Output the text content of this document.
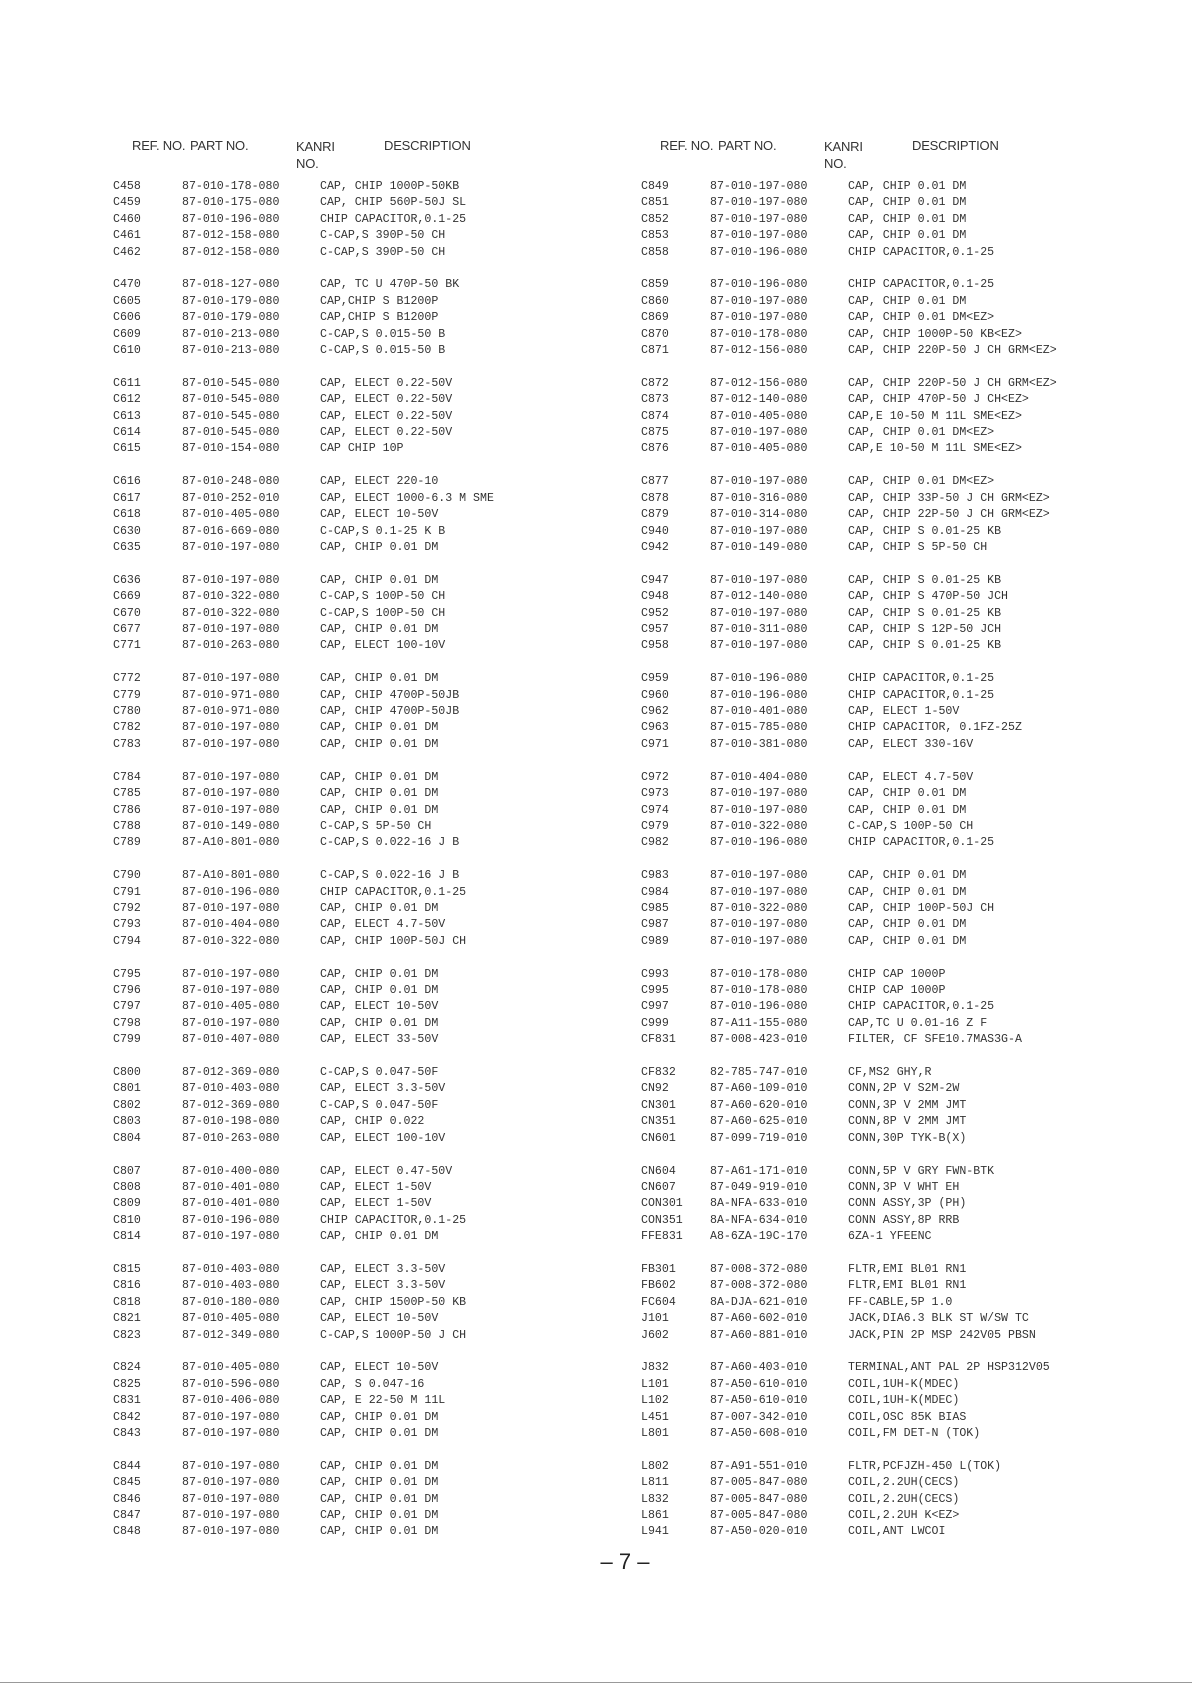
REF. NO. PART NO.	KANRI
NO.
DESCRIPTION
C458	87-010-178-080	CAP, CHIP 1000P-50KB
C459	87-010-175-080	CAP, CHIP 560P-50J SL
C460	87-010-196-080	CHIP CAPACITOR,0.1-25
C461	87-012-158-080	C-CAP,S 390P-50 CH
C462	87-012-158-080	C-CAP,S 390P-50 CH
C470	87-018-127-080	CAP, TC U 470P-50 BK
C605	87-010-179-080	CAP,CHIP S B1200P
C606	87-010-179-080	CAP,CHIP S B1200P
C609	87-010-213-080	C-CAP,S 0.015-50 B
C610	87-010-213-080	C-CAP,S 0.015-50 B
C611	87-010-545-080	CAP, ELECT 0.22-50V
C612	87-010-545-080	CAP, ELECT 0.22-50V
C613	87-010-545-080	CAP, ELECT 0.22-50V
C614	87-010-545-080	CAP, ELECT 0.22-50V
C615	87-010-154-080	CAP CHIP 10P
C616	87-010-248-080	CAP, ELECT 220-10
C617	87-010-252-010	CAP, ELECT 1000-6.3 M SME
C618	87-010-405-080	CAP, ELECT 10-50V
C630	87-016-669-080	C-CAP,S 0.1-25 K B
C635	87-010-197-080	CAP, CHIP 0.01 DM
C636	87-010-197-080	CAP, CHIP 0.01 DM
C669	87-010-322-080	C-CAP,S 100P-50 CH
C670	87-010-322-080	C-CAP,S 100P-50 CH
C677	87-010-197-080	CAP, CHIP 0.01 DM
C771	87-010-263-080	CAP, ELECT 100-10V
C772	87-010-197-080	CAP, CHIP 0.01 DM
C779	87-010-971-080	CAP, CHIP 4700P-50JB
C780	87-010-971-080	CAP, CHIP 4700P-50JB
C782	87-010-197-080	CAP, CHIP 0.01 DM
C783	87-010-197-080	CAP, CHIP 0.01 DM
C784	87-010-197-080	CAP, CHIP 0.01 DM
C785	87-010-197-080	CAP, CHIP 0.01 DM
C786	87-010-197-080	CAP, CHIP 0.01 DM
C788	87-010-149-080	C-CAP,S 5P-50 CH
C789	87-A10-801-080	C-CAP,S 0.022-16 J B
C790	87-A10-801-080	C-CAP,S 0.022-16 J B
C791	87-010-196-080	CHIP CAPACITOR,0.1-25
C792	87-010-197-080	CAP, CHIP 0.01 DM
C793	87-010-404-080	CAP, ELECT 4.7-50V
C794	87-010-322-080	CAP, CHIP 100P-50J CH
C795	87-010-197-080	CAP, CHIP 0.01 DM
C796	87-010-197-080	CAP, CHIP 0.01 DM
C797	87-010-405-080	CAP, ELECT 10-50V
C798	87-010-197-080	CAP, CHIP 0.01 DM
C799	87-010-407-080	CAP, ELECT 33-50V
C800	87-012-369-080	C-CAP,S 0.047-50F
C801	87-010-403-080	CAP, ELECT 3.3-50V
C802	87-012-369-080	C-CAP,S 0.047-50F
C803	87-010-198-080	CAP, CHIP 0.022
C804	87-010-263-080	CAP, ELECT 100-10V
C807	87-010-400-080	CAP, ELECT 0.47-50V
C808	87-010-401-080	CAP, ELECT 1-50V
C809	87-010-401-080	CAP, ELECT 1-50V
C810	87-010-196-080	CHIP CAPACITOR,0.1-25
C814	87-010-197-080	CAP, CHIP 0.01 DM
C815	87-010-403-080	CAP, ELECT 3.3-50V
C816	87-010-403-080	CAP, ELECT 3.3-50V
C818	87-010-180-080	CAP, CHIP 1500P-50 KB
C821	87-010-405-080	CAP, ELECT 10-50V
C823	87-012-349-080	C-CAP,S 1000P-50 J CH
C824	87-010-405-080	CAP, ELECT 10-50V
C825	87-010-596-080	CAP, S 0.047-16
C831	87-010-406-080	CAP, E 22-50 M 11L
C842	87-010-197-080	CAP, CHIP 0.01 DM
C843	87-010-197-080	CAP, CHIP 0.01 DM
C844	87-010-197-080	CAP, CHIP 0.01 DM
C845	87-010-197-080	CAP, CHIP 0.01 DM
C846	87-010-197-080	CAP, CHIP 0.01 DM
C847	87-010-197-080	CAP, CHIP 0.01 DM
C848	87-010-197-080	CAP, CHIP 0.01 DM
REF. NO. PART NO.	KANRI
NO.
DESCRIPTION
C849	87-010-197-080	CAP, CHIP 0.01 DM
C851	87-010-197-080	CAP, CHIP 0.01 DM
C852	87-010-197-080	CAP, CHIP 0.01 DM
C853	87-010-197-080	CAP, CHIP 0.01 DM
C858	87-010-196-080	CHIP CAPACITOR,0.1-25
C859	87-010-196-080	CHIP CAPACITOR,0.1-25
C860	87-010-197-080	CAP, CHIP 0.01 DM
C869	87-010-197-080	CAP, CHIP 0.01 DM<EZ>
C870	87-010-178-080	CAP, CHIP 1000P-50 KB<EZ>
C871	87-012-156-080	CAP, CHIP 220P-50 J CH GRM<EZ>
C872	87-012-156-080	CAP, CHIP 220P-50 J CH GRM<EZ>
C873	87-012-140-080	CAP, CHIP 470P-50 J CH<EZ>
C874	87-010-405-080	CAP,E 10-50 M 11L SME<EZ>
C875	87-010-197-080	CAP, CHIP 0.01 DM<EZ>
C876	87-010-405-080	CAP,E 10-50 M 11L SME<EZ>
C877	87-010-197-080	CAP, CHIP 0.01 DM<EZ>
C878	87-010-316-080	CAP, CHIP 33P-50 J CH GRM<EZ>
C879	87-010-314-080	CAP, CHIP 22P-50 J CH GRM<EZ>
C940	87-010-197-080	CAP, CHIP S 0.01-25 KB
C942	87-010-149-080	CAP, CHIP S 5P-50 CH
C947	87-010-197-080	CAP, CHIP S 0.01-25 KB
C948	87-012-140-080	CAP, CHIP S 470P-50 JCH
C952	87-010-197-080	CAP, CHIP S 0.01-25 KB
C957	87-010-311-080	CAP, CHIP S 12P-50 JCH
C958	87-010-197-080	CAP, CHIP S 0.01-25 KB
C959	87-010-196-080	CHIP CAPACITOR,0.1-25
C960	87-010-196-080	CHIP CAPACITOR,0.1-25
C962	87-010-401-080	CAP, ELECT 1-50V
C963	87-015-785-080	CHIP CAPACITOR, 0.1FZ-25Z
C971	87-010-381-080	CAP, ELECT 330-16V
C972	87-010-404-080	CAP, ELECT 4.7-50V
C973	87-010-197-080	CAP, CHIP 0.01 DM
C974	87-010-197-080	CAP, CHIP 0.01 DM
C979	87-010-322-080	C-CAP,S 100P-50 CH
C982	87-010-196-080	CHIP CAPACITOR,0.1-25
C983	87-010-197-080	CAP, CHIP 0.01 DM
C984	87-010-197-080	CAP, CHIP 0.01 DM
C985	87-010-322-080	CAP, CHIP 100P-50J CH
C987	87-010-197-080	CAP, CHIP 0.01 DM
C989	87-010-197-080	CAP, CHIP 0.01 DM
C993	87-010-178-080	CHIP CAP 1000P
C995	87-010-178-080	CHIP CAP 1000P
C997	87-010-196-080	CHIP CAPACITOR,0.1-25
C999	87-A11-155-080	CAP,TC U 0.01-16 Z F
CF831	87-008-423-010	FILTER, CF SFE10.7MAS3G-A
CF832	82-785-747-010	CF,MS2 GHY,R
CN92	87-A60-109-010	CONN,2P V S2M-2W
CN301	87-A60-620-010	CONN,3P V 2MM JMT
CN351	87-A60-625-010	CONN,8P V 2MM JMT
CN601	87-099-719-010	CONN,30P TYK-B(X)
CN604	87-A61-171-010	CONN,5P V GRY FWN-BTK
CN607	87-049-919-010	CONN,3P V WHT EH
CON301 8A-NFA-633-010	CONN ASSY,3P (PH)
CON351 8A-NFA-634-010	CONN ASSY,8P RRB
FFE831 A8-6ZA-19C-170	6ZA-1 YFEENC
FB301	87-008-372-080	FLTR,EMI BL01 RN1
FB602	87-008-372-080	FLTR,EMI BL01 RN1
FC604	8A-DJA-621-010	FF-CABLE,5P 1.0
J101	87-A60-602-010	JACK,DIA6.3 BLK ST W/SW TC
J602	87-A60-881-010	JACK,PIN 2P MSP 242V05 PBSN
J832	87-A60-403-010	TERMINAL,ANT PAL 2P HSP312V05
L101	87-A50-610-010	COIL,1UH-K(MDEC)
L102	87-A50-610-010	COIL,1UH-K(MDEC)
L451	87-007-342-010	COIL,OSC 85K BIAS
L801	87-A50-608-010	COIL,FM DET-N (TOK)
L802	87-A91-551-010	FLTR,PCFJZH-450 L(TOK)
L811	87-005-847-080	COIL,2.2UH(CECS)
L832	87-005-847-080	COIL,2.2UH(CECS)
L861	87-005-847-080	COIL,2.2UH K<EZ>
L941	87-A50-020-010	COIL,ANT LWCOI
– 7 –
